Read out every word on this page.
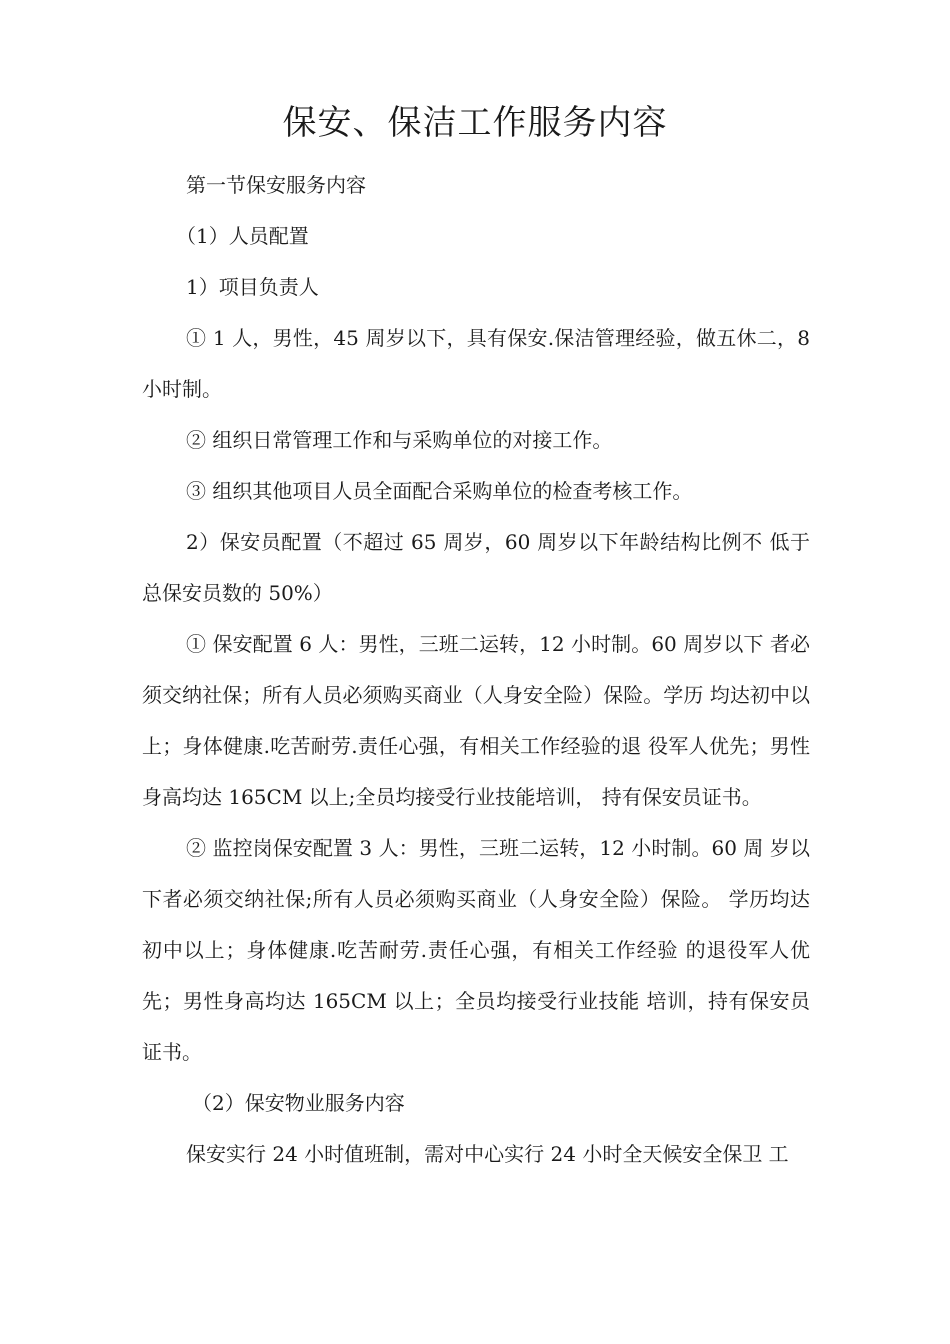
保安、保洁工作服务内容

第一节保安服务内容

（1）人员配置

1）项目负责人

① 1 人，男性，45 周岁以下，具有保安.保洁管理经验，做五休二，8 小时制。

② 组织日常管理工作和与采购单位的对接工作。

③ 组织其他项目人员全面配合采购单位的检查考核工作。

2）保安员配置（不超过 65 周岁，60 周岁以下年龄结构比例不 低于总保安员数的 50%）

① 保安配置 6 人：男性，三班二运转，12 小时制。60 周岁以下 者必须交纳社保；所有人员必须购买商业（人身安全险）保险。学历 均达初中以上；身体健康.吃苦耐劳.责任心强，有相关工作经验的退 役军人优先；男性身高均达 165CM 以上;全员均接受行业技能培训， 持有保安员证书。

② 监控岗保安配置 3 人：男性，三班二运转，12 小时制。60 周 岁以下者必须交纳社保;所有人员必须购买商业（人身安全险）保险。 学历均达初中以上；身体健康.吃苦耐劳.责任心强，有相关工作经验 的退役军人优先；男性身高均达 165CM 以上；全员均接受行业技能 培训，持有保安员证书。

（2）保安物业服务内容

保安实行 24 小时值班制，需对中心实行 24 小时全天候安全保卫 工
